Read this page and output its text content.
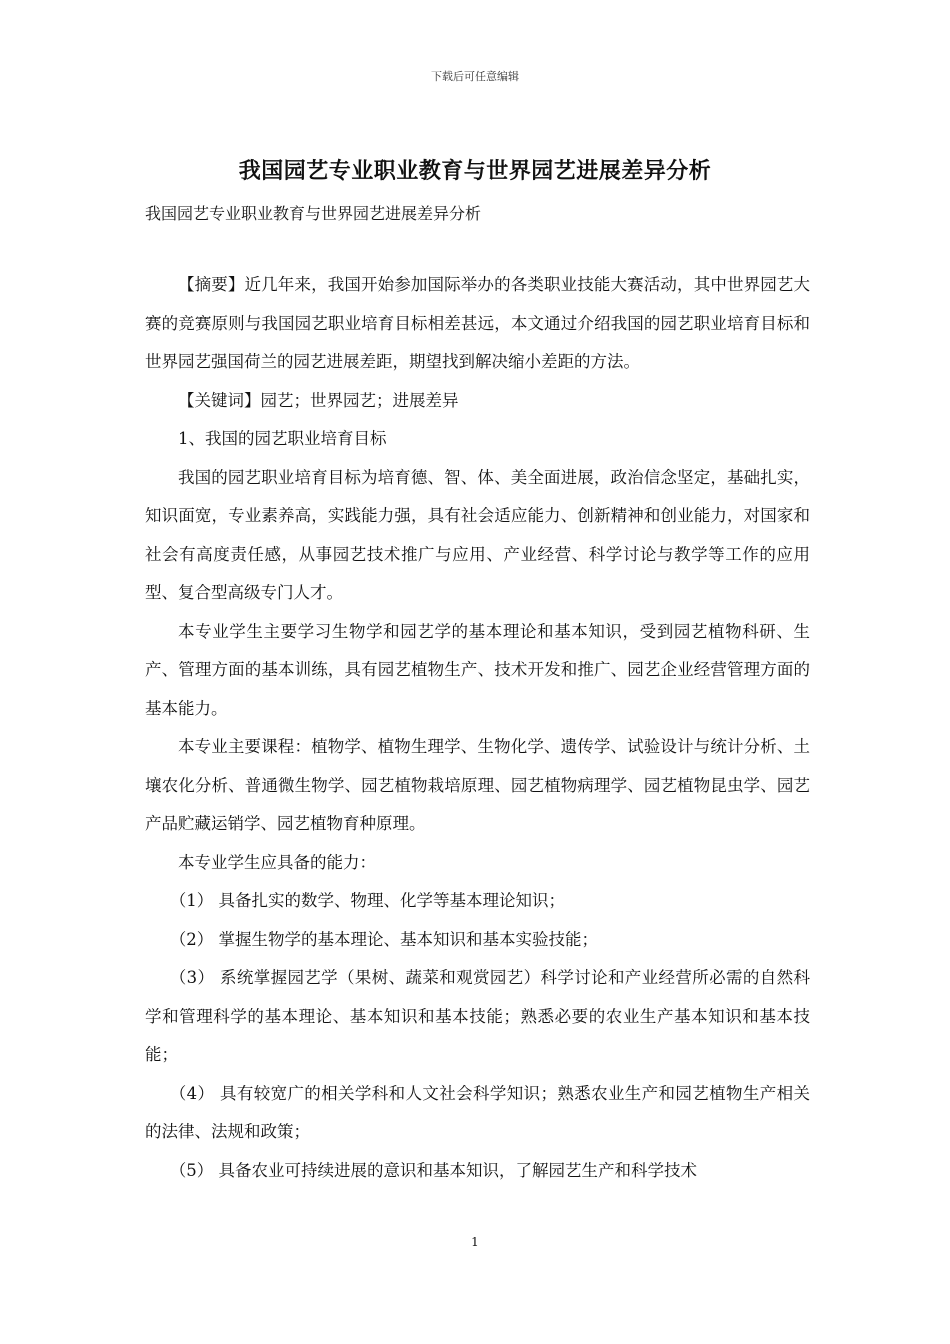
下载后可任意编辑
我国园艺专业职业教育与世界园艺进展差异分析
我国园艺专业职业教育与世界园艺进展差异分析

【摘要】近几年来，我国开始参加国际举办的各类职业技能大赛活动，其中世界园艺大赛的竞赛原则与我国园艺职业培育目标相差甚远，本文通过介绍我国的园艺职业培育目标和世界园艺强国荷兰的园艺进展差距，期望找到解决缩小差距的方法。

【关键词】园艺；世界园艺；进展差异

1、我国的园艺职业培育目标

我国的园艺职业培育目标为培育德、智、体、美全面进展，政治信念坚定，基础扎实，知识面宽，专业素养高，实践能力强，具有社会适应能力、创新精神和创业能力，对国家和社会有高度责任感，从事园艺技术推广与应用、产业经营、科学讨论与教学等工作的应用型、复合型高级专门人才。

本专业学生主要学习生物学和园艺学的基本理论和基本知识，受到园艺植物科研、生产、管理方面的基本训练，具有园艺植物生产、技术开发和推广、园艺企业经营管理方面的基本能力。

本专业主要课程：植物学、植物生理学、生物化学、遗传学、试验设计与统计分析、土壤农化分析、普通微生物学、园艺植物栽培原理、园艺植物病理学、园艺植物昆虫学、园艺产品贮藏运销学、园艺植物育种原理。

本专业学生应具备的能力：

（1） 具备扎实的数学、物理、化学等基本理论知识；

（2） 掌握生物学的基本理论、基本知识和基本实验技能；

（3） 系统掌握园艺学（果树、蔬菜和观赏园艺）科学讨论和产业经营所必需的自然科学和管理科学的基本理论、基本知识和基本技能；熟悉必要的农业生产基本知识和基本技能；

（4） 具有较宽广的相关学科和人文社会科学知识；熟悉农业生产和园艺植物生产相关的法律、法规和政策；

（5） 具备农业可持续进展的意识和基本知识，了解园艺生产和科学技术

1
